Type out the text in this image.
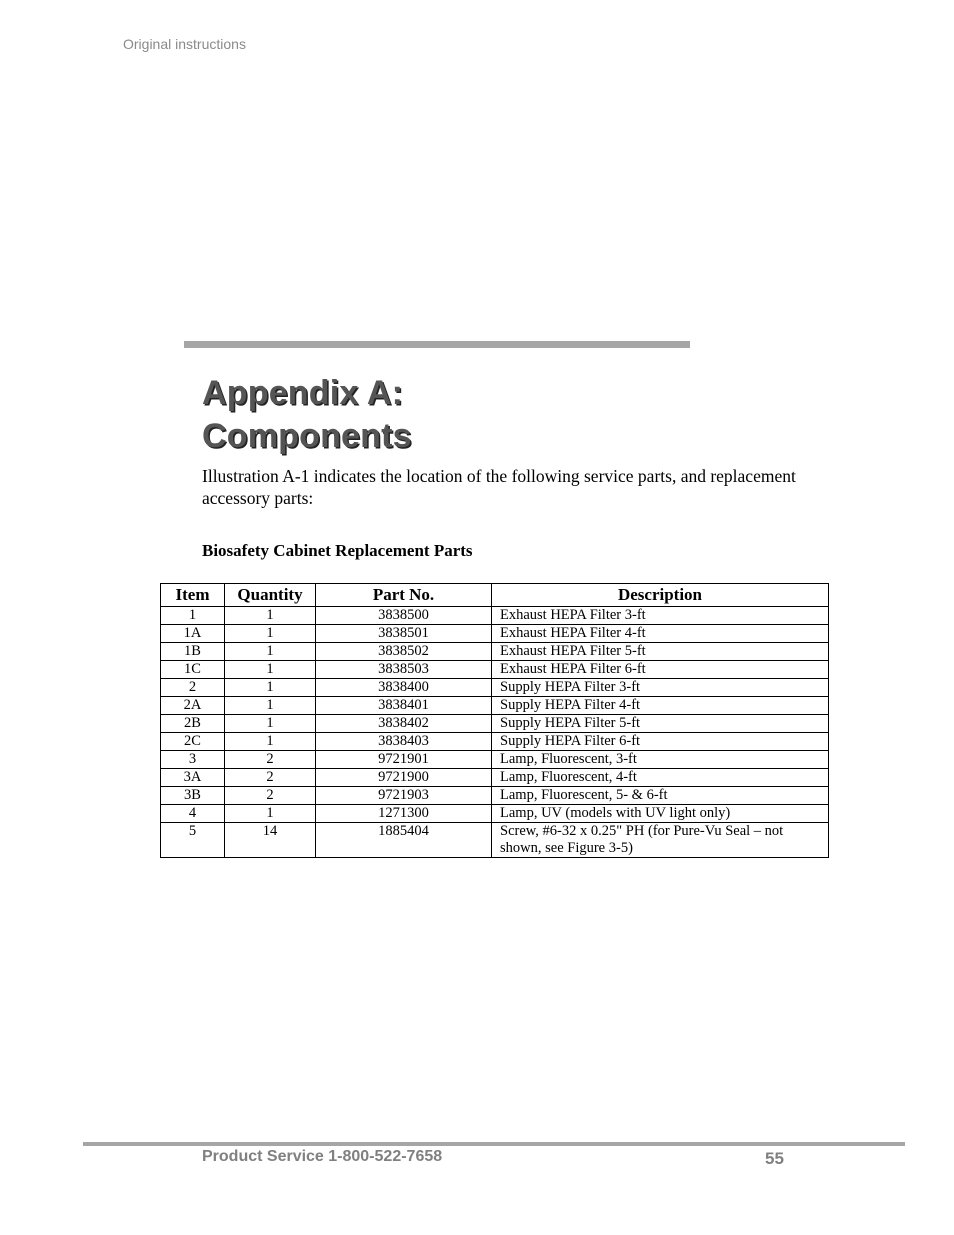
Original instructions
Appendix A:
Components

Illustration A-1 indicates the location of the following service parts, and replacement accessory parts:

Biosafety Cabinet Replacement Parts

Item	Quantity	Part No.	Description
1	1	3838500	Exhaust HEPA Filter 3-ft
1A	1	3838501	Exhaust HEPA Filter 4-ft
1B	1	3838502	Exhaust HEPA Filter 5-ft
1C	1	3838503	Exhaust HEPA Filter 6-ft
2	1	3838400	Supply HEPA Filter 3-ft
2A	1	3838401	Supply HEPA Filter 4-ft
2B	1	3838402	Supply HEPA Filter 5-ft
2C	1	3838403	Supply HEPA Filter 6-ft
3	2	9721901	Lamp, Fluorescent, 3-ft
3A	2	9721900	Lamp, Fluorescent, 4-ft
3B	2	9721903	Lamp, Fluorescent, 5- & 6-ft
4	1	1271300	Lamp, UV (models with UV light only)
5	14	1885404	Screw, #6-32 x 0.25" PH (for Pure-Vu Seal – not shown, see Figure 3-5)
Product Service 1-800-522-7658	55
